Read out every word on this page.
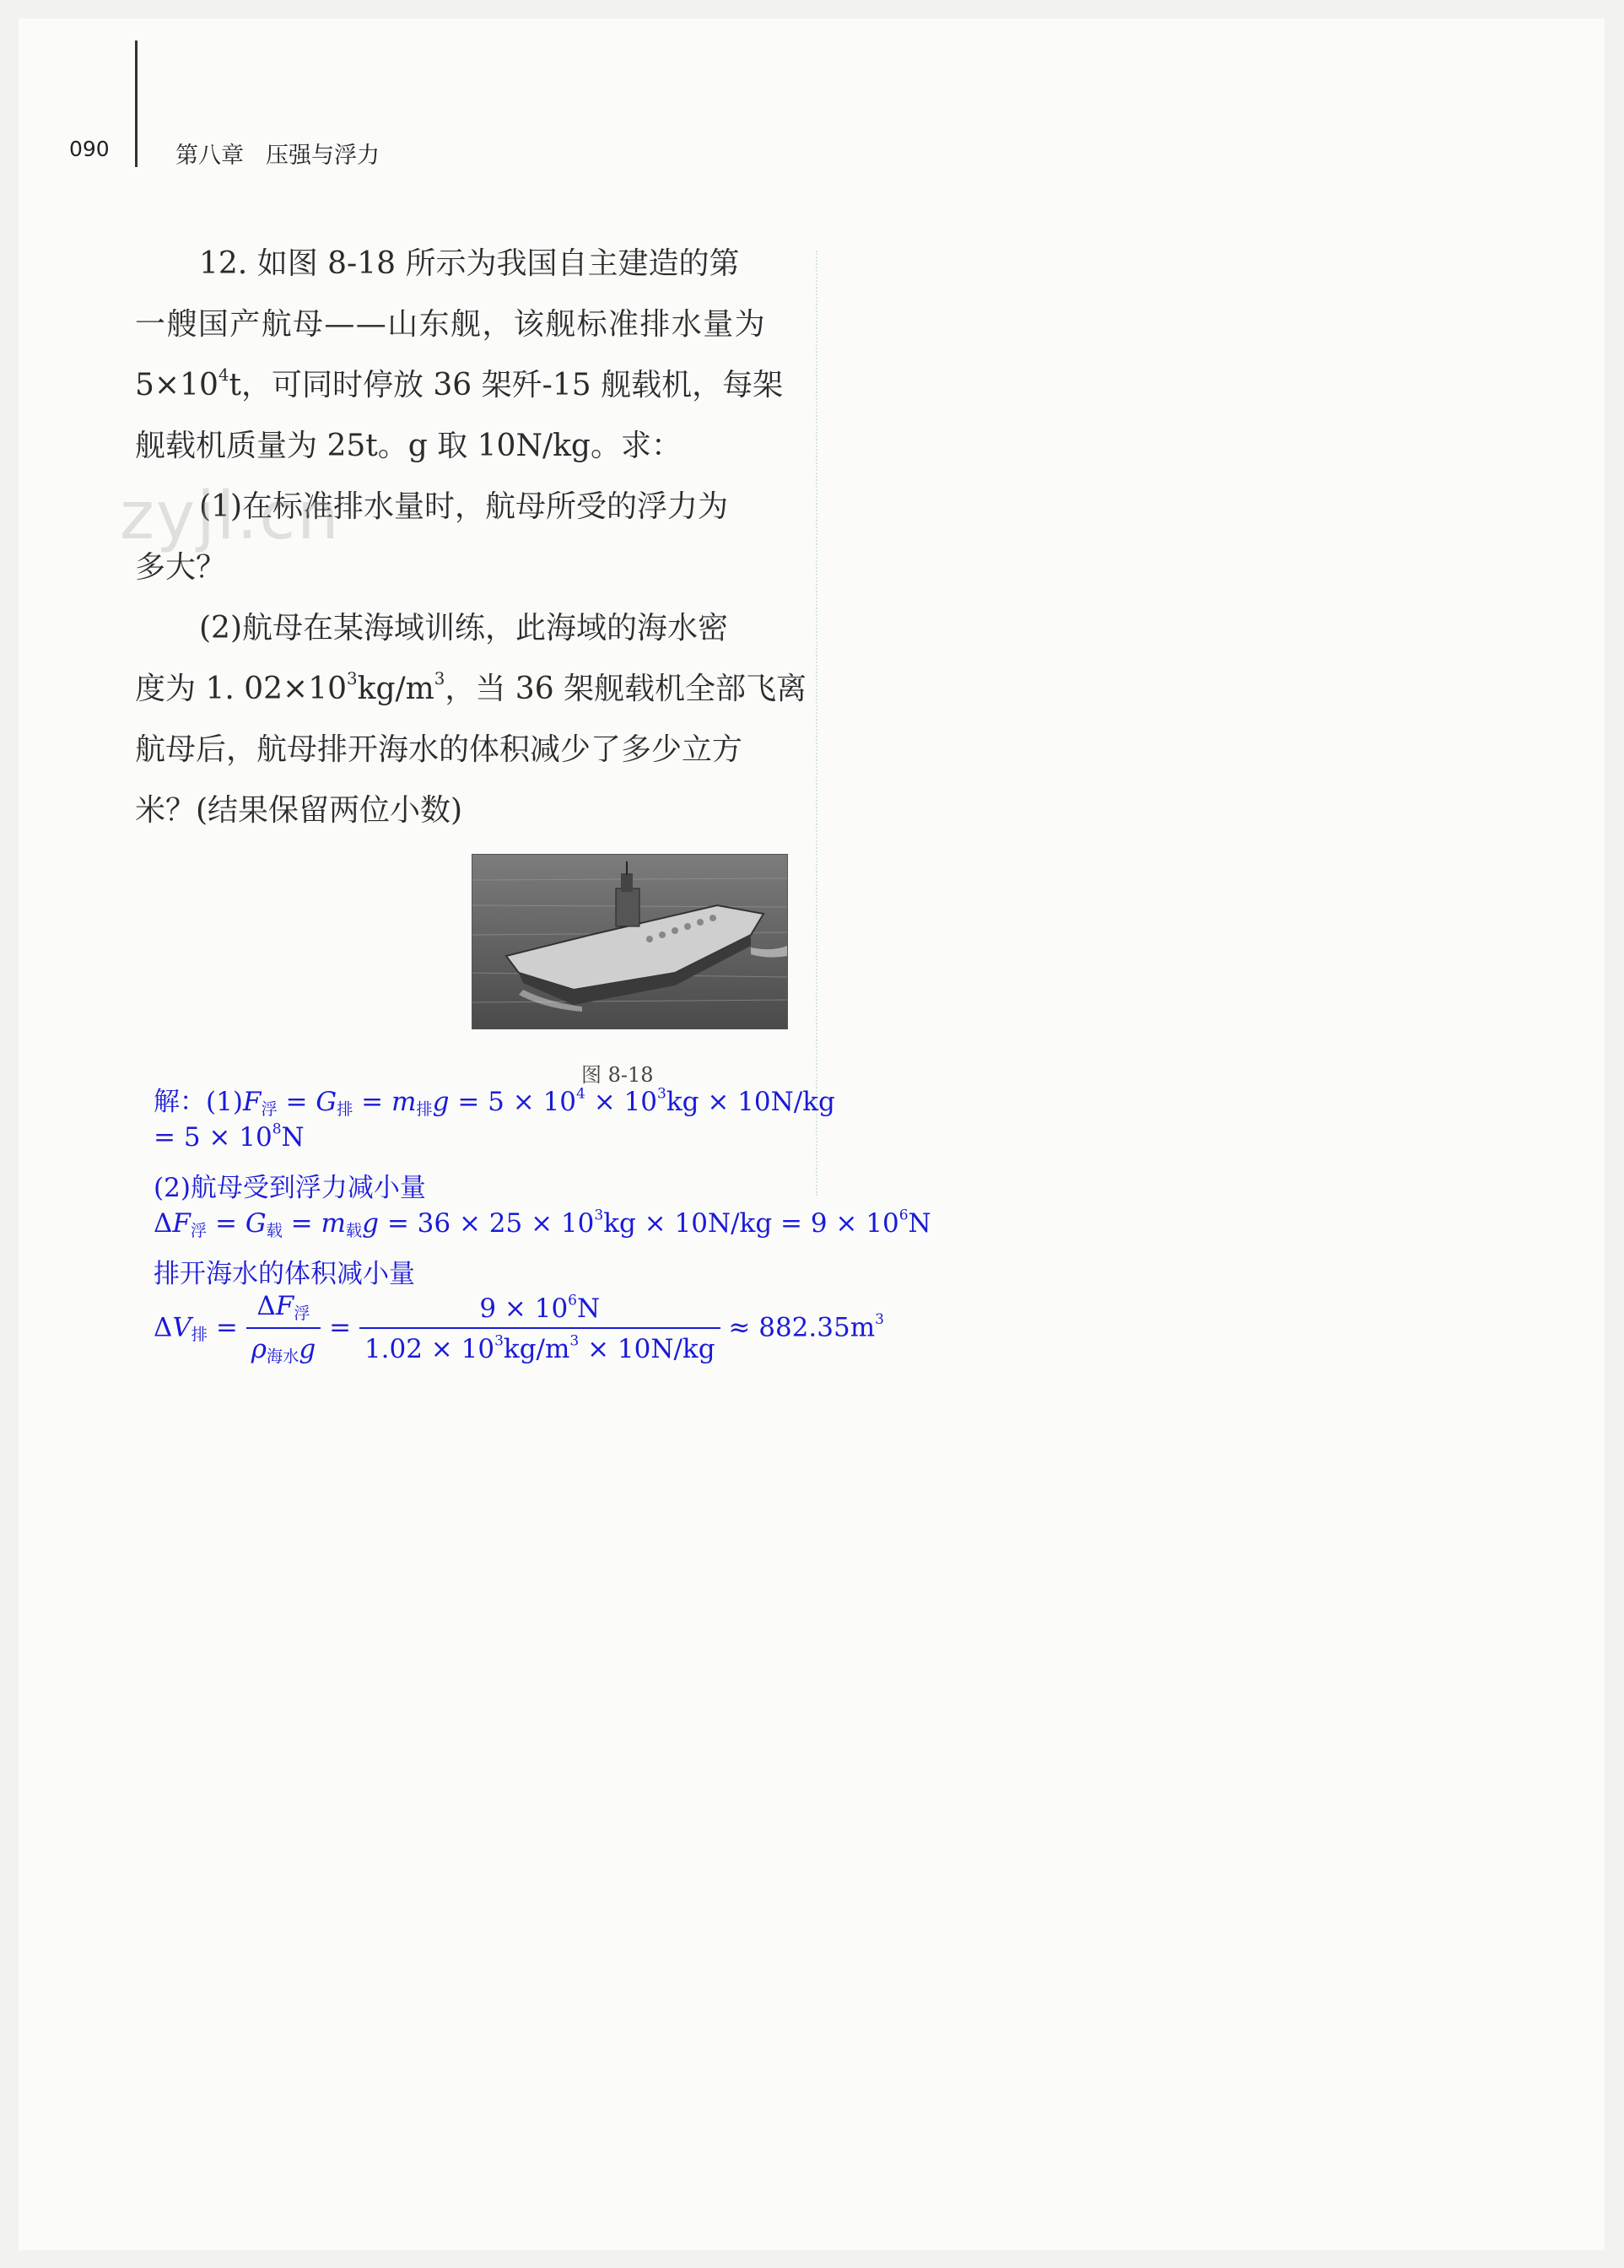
090	第八章 压强与浮力
12. 如图 8-18 所示为我国自主建造的第
一艘国产航母——山东舰，该舰标准排水量为
$5\times 10^4t$，可同时停放 36 架歼-15 舰载机，每架
舰载机质量为 25t。g 取 10N/kg。求：
(1)在标准排水量时，航母所受的浮力为
多大？
(2)航母在某海域训练，此海域的海水密
度为 1. $02\times 10^3kg/m^3$，当 36 架舰载机全部飞离
航母后，航母排开海水的体积减少了多少立方
米？(结果保留两位小数)
zyjl.cn
图 8-18
解：$(1)F_浮 = G_排 = m_排g = 5 \times 10^4 \times 10^3kg \times 10N/kg$
= $5 \times 10^8N$
(2)航母受到浮力减小量
$\Delta F_浮 = G_载 = m_载g = 36 \times 25 \times 10^3kg \times 10N/kg = 9 \times 10^6N$
排开海水的体积减小量
$\Delta V_排 = \frac{\Delta F_浮}{\rho_{海水}g} = \frac{9 \times 10^6N}{1.02 \times 10^3kg/m^3 \times 10N/kg} \approx 882.35m^3$
